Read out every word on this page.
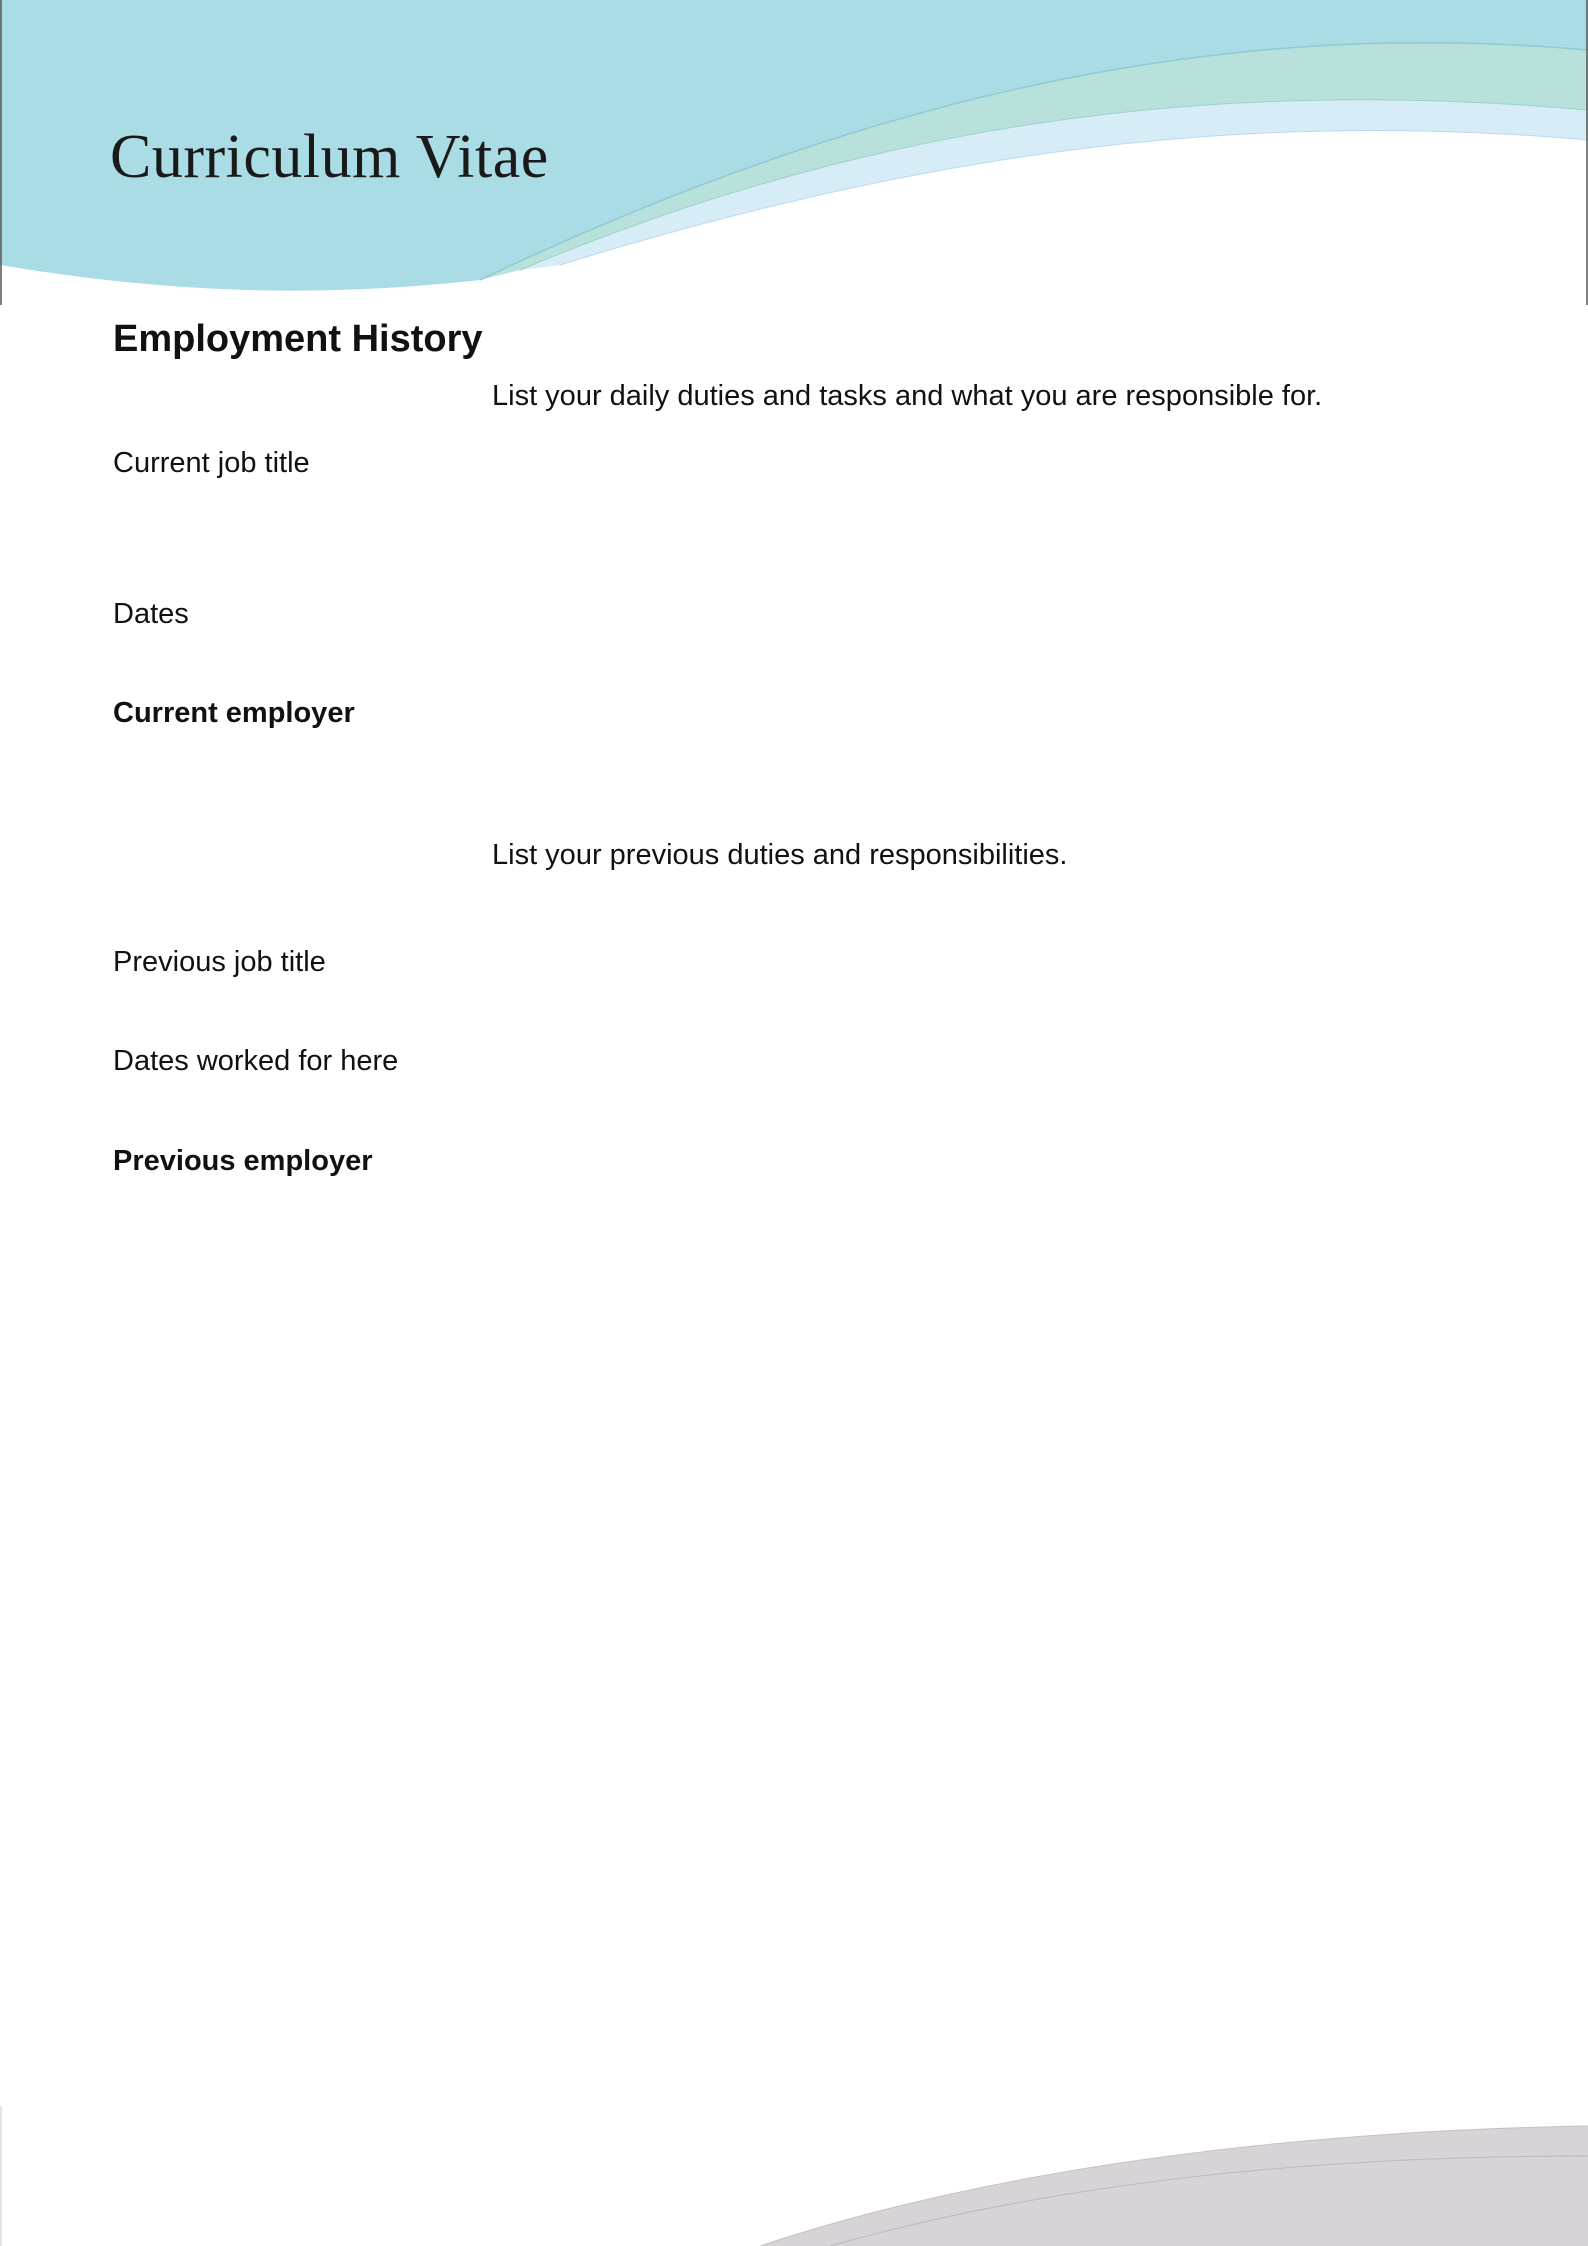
Curriculum Vitae
Employment History
List your daily duties and tasks and what you are responsible for.
Current job title
Dates
Current employer
List your previous duties and responsibilities.
Previous job title
Dates worked for here
Previous employer
